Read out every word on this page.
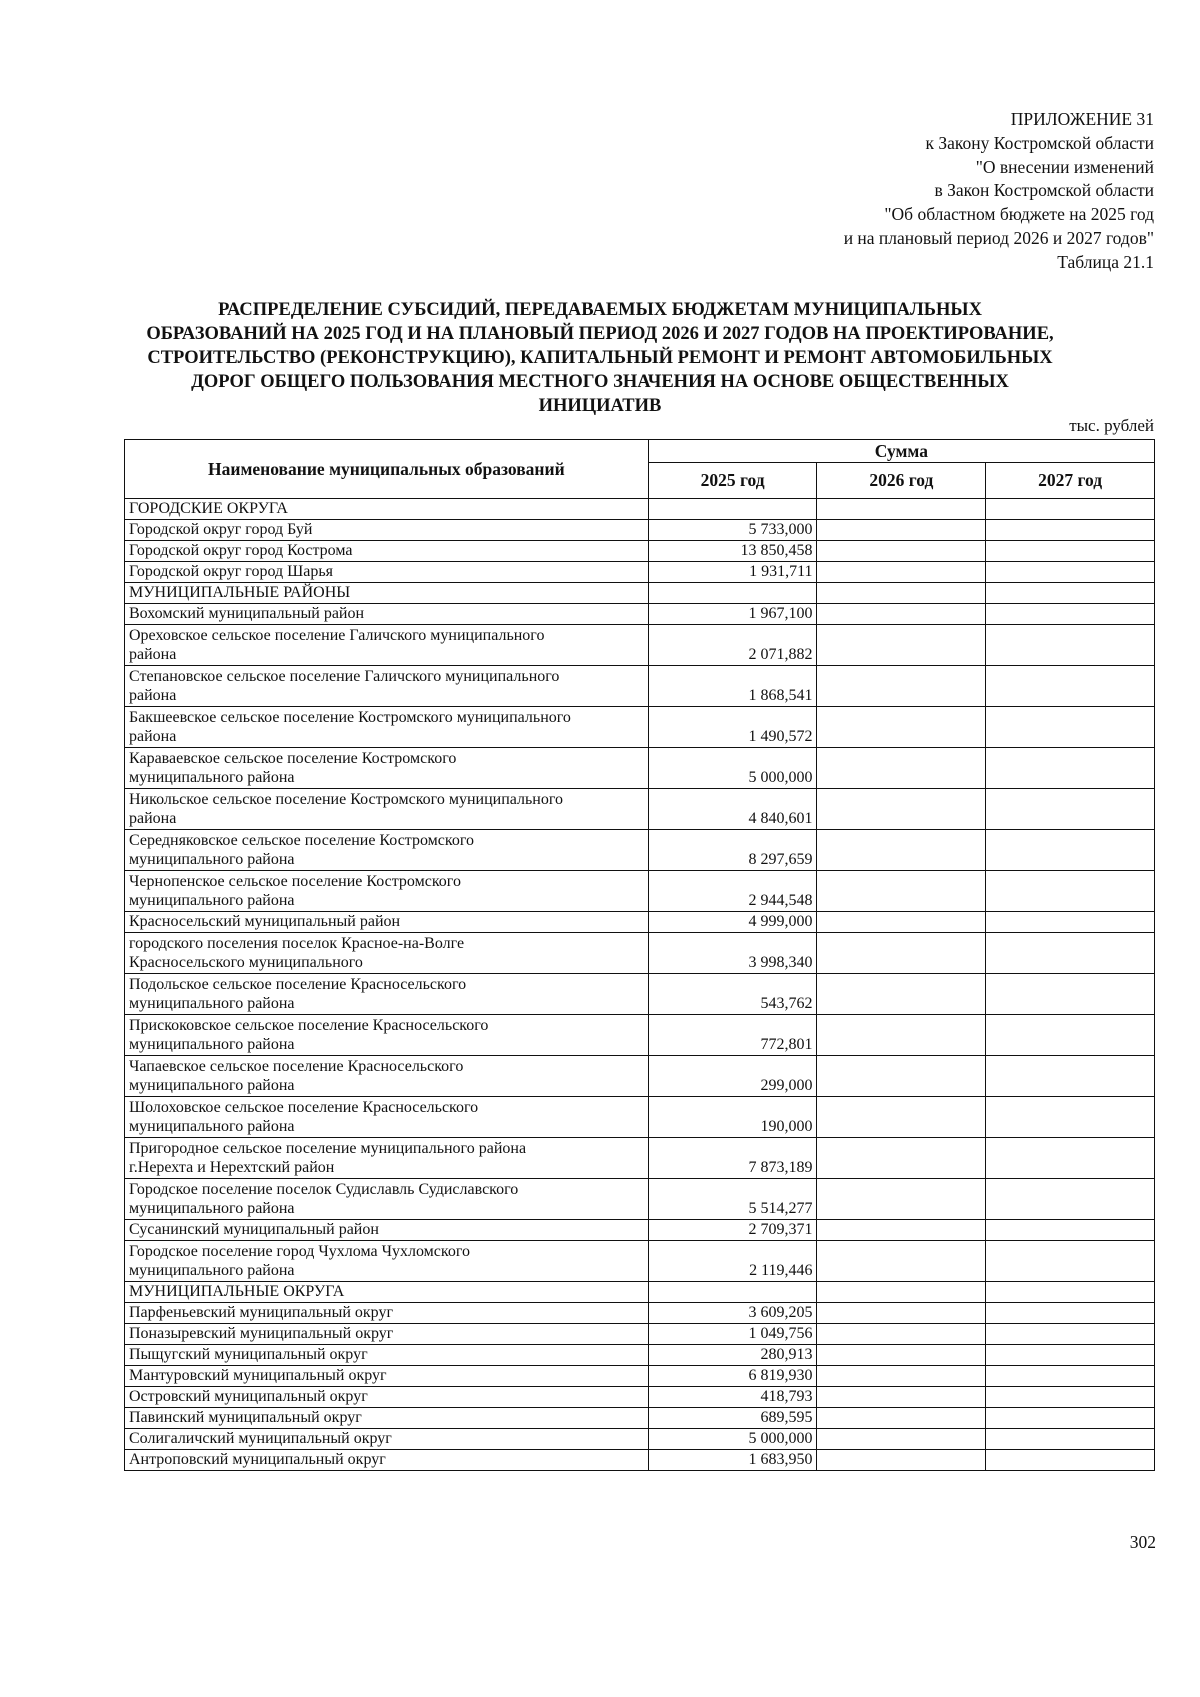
ПРИЛОЖЕНИЕ 31
к Закону Костромской области
"О внесении изменений
в Закон Костромской области
"Об областном бюджете на 2025 год
и на плановый период 2026 и 2027 годов"
Таблица 21.1
РАСПРЕДЕЛЕНИЕ СУБСИДИЙ, ПЕРЕДАВАЕМЫХ БЮДЖЕТАМ МУНИЦИПАЛЬНЫХ
ОБРАЗОВАНИЙ НА 2025 ГОД И НА ПЛАНОВЫЙ ПЕРИОД 2026 И 2027 ГОДОВ НА ПРОЕКТИРОВАНИЕ,
СТРОИТЕЛЬСТВО (РЕКОНСТРУКЦИЮ), КАПИТАЛЬНЫЙ РЕМОНТ И РЕМОНТ АВТОМОБИЛЬНЫХ
ДОРОГ ОБЩЕГО ПОЛЬЗОВАНИЯ МЕСТНОГО ЗНАЧЕНИЯ НА ОСНОВЕ ОБЩЕСТВЕННЫХ
ИНИЦИАТИВ
тыс. рублей
Наименование муниципальных образований	Сумма		
	2025 год	2026 год	2027 год

ГОРОДСКИЕ ОКРУГА			

Городской округ город Буй	5 733,000		

Городской округ город Кострома	13 850,458		

Городской округ город Шарья	1 931,711		

МУНИЦИПАЛЬНЫЕ РАЙОНЫ			

Вохомский муниципальный район	1 967,100		

Ореховское сельское поселение Галичского муниципального
района	2 071,882		

Степановское сельское поселение Галичского муниципального
района	1 868,541		

Бакшеевское сельское поселение Костромского муниципального
района	1 490,572		

Караваевское сельское поселение Костромского
муниципального района	5 000,000		

Никольское сельское поселение Костромского муниципального
района	4 840,601		

Середняковское сельское поселение Костромского
муниципального района	8 297,659		

Чернопенское сельское поселение Костромского
муниципального района	2 944,548		

Красносельский муниципальный район	4 999,000		

городского поселения поселок Красное-на-Волге
Красносельского муниципального	3 998,340		

Подольское сельское поселение Красносельского
муниципального района	543,762		

Прискоковское сельское поселение Красносельского
муниципального района	772,801		

Чапаевское сельское поселение Красносельского
муниципального района	299,000		

Шолоховское сельское поселение Красносельского
муниципального района	190,000		

Пригородное сельское поселение муниципального района
г.Нерехта и Нерехтский район	7 873,189		

Городское поселение поселок Судиславль Судиславского
муниципального района	5 514,277		

Сусанинский муниципальный район	2 709,371		

Городское поселение город Чухлома Чухломского
муниципального района	2 119,446		

МУНИЦИПАЛЬНЫЕ ОКРУГА			

Парфеньевский муниципальный округ	3 609,205		

Поназыревский муниципальный округ	1 049,756		

Пыщугский муниципальный округ	280,913		

Мантуровский муниципальный округ	6 819,930		

Островский муниципальный округ	418,793		

Павинский муниципальный округ	689,595		

Солигаличский муниципальный округ	5 000,000		

Антроповский муниципальный округ	1 683,950		
302
